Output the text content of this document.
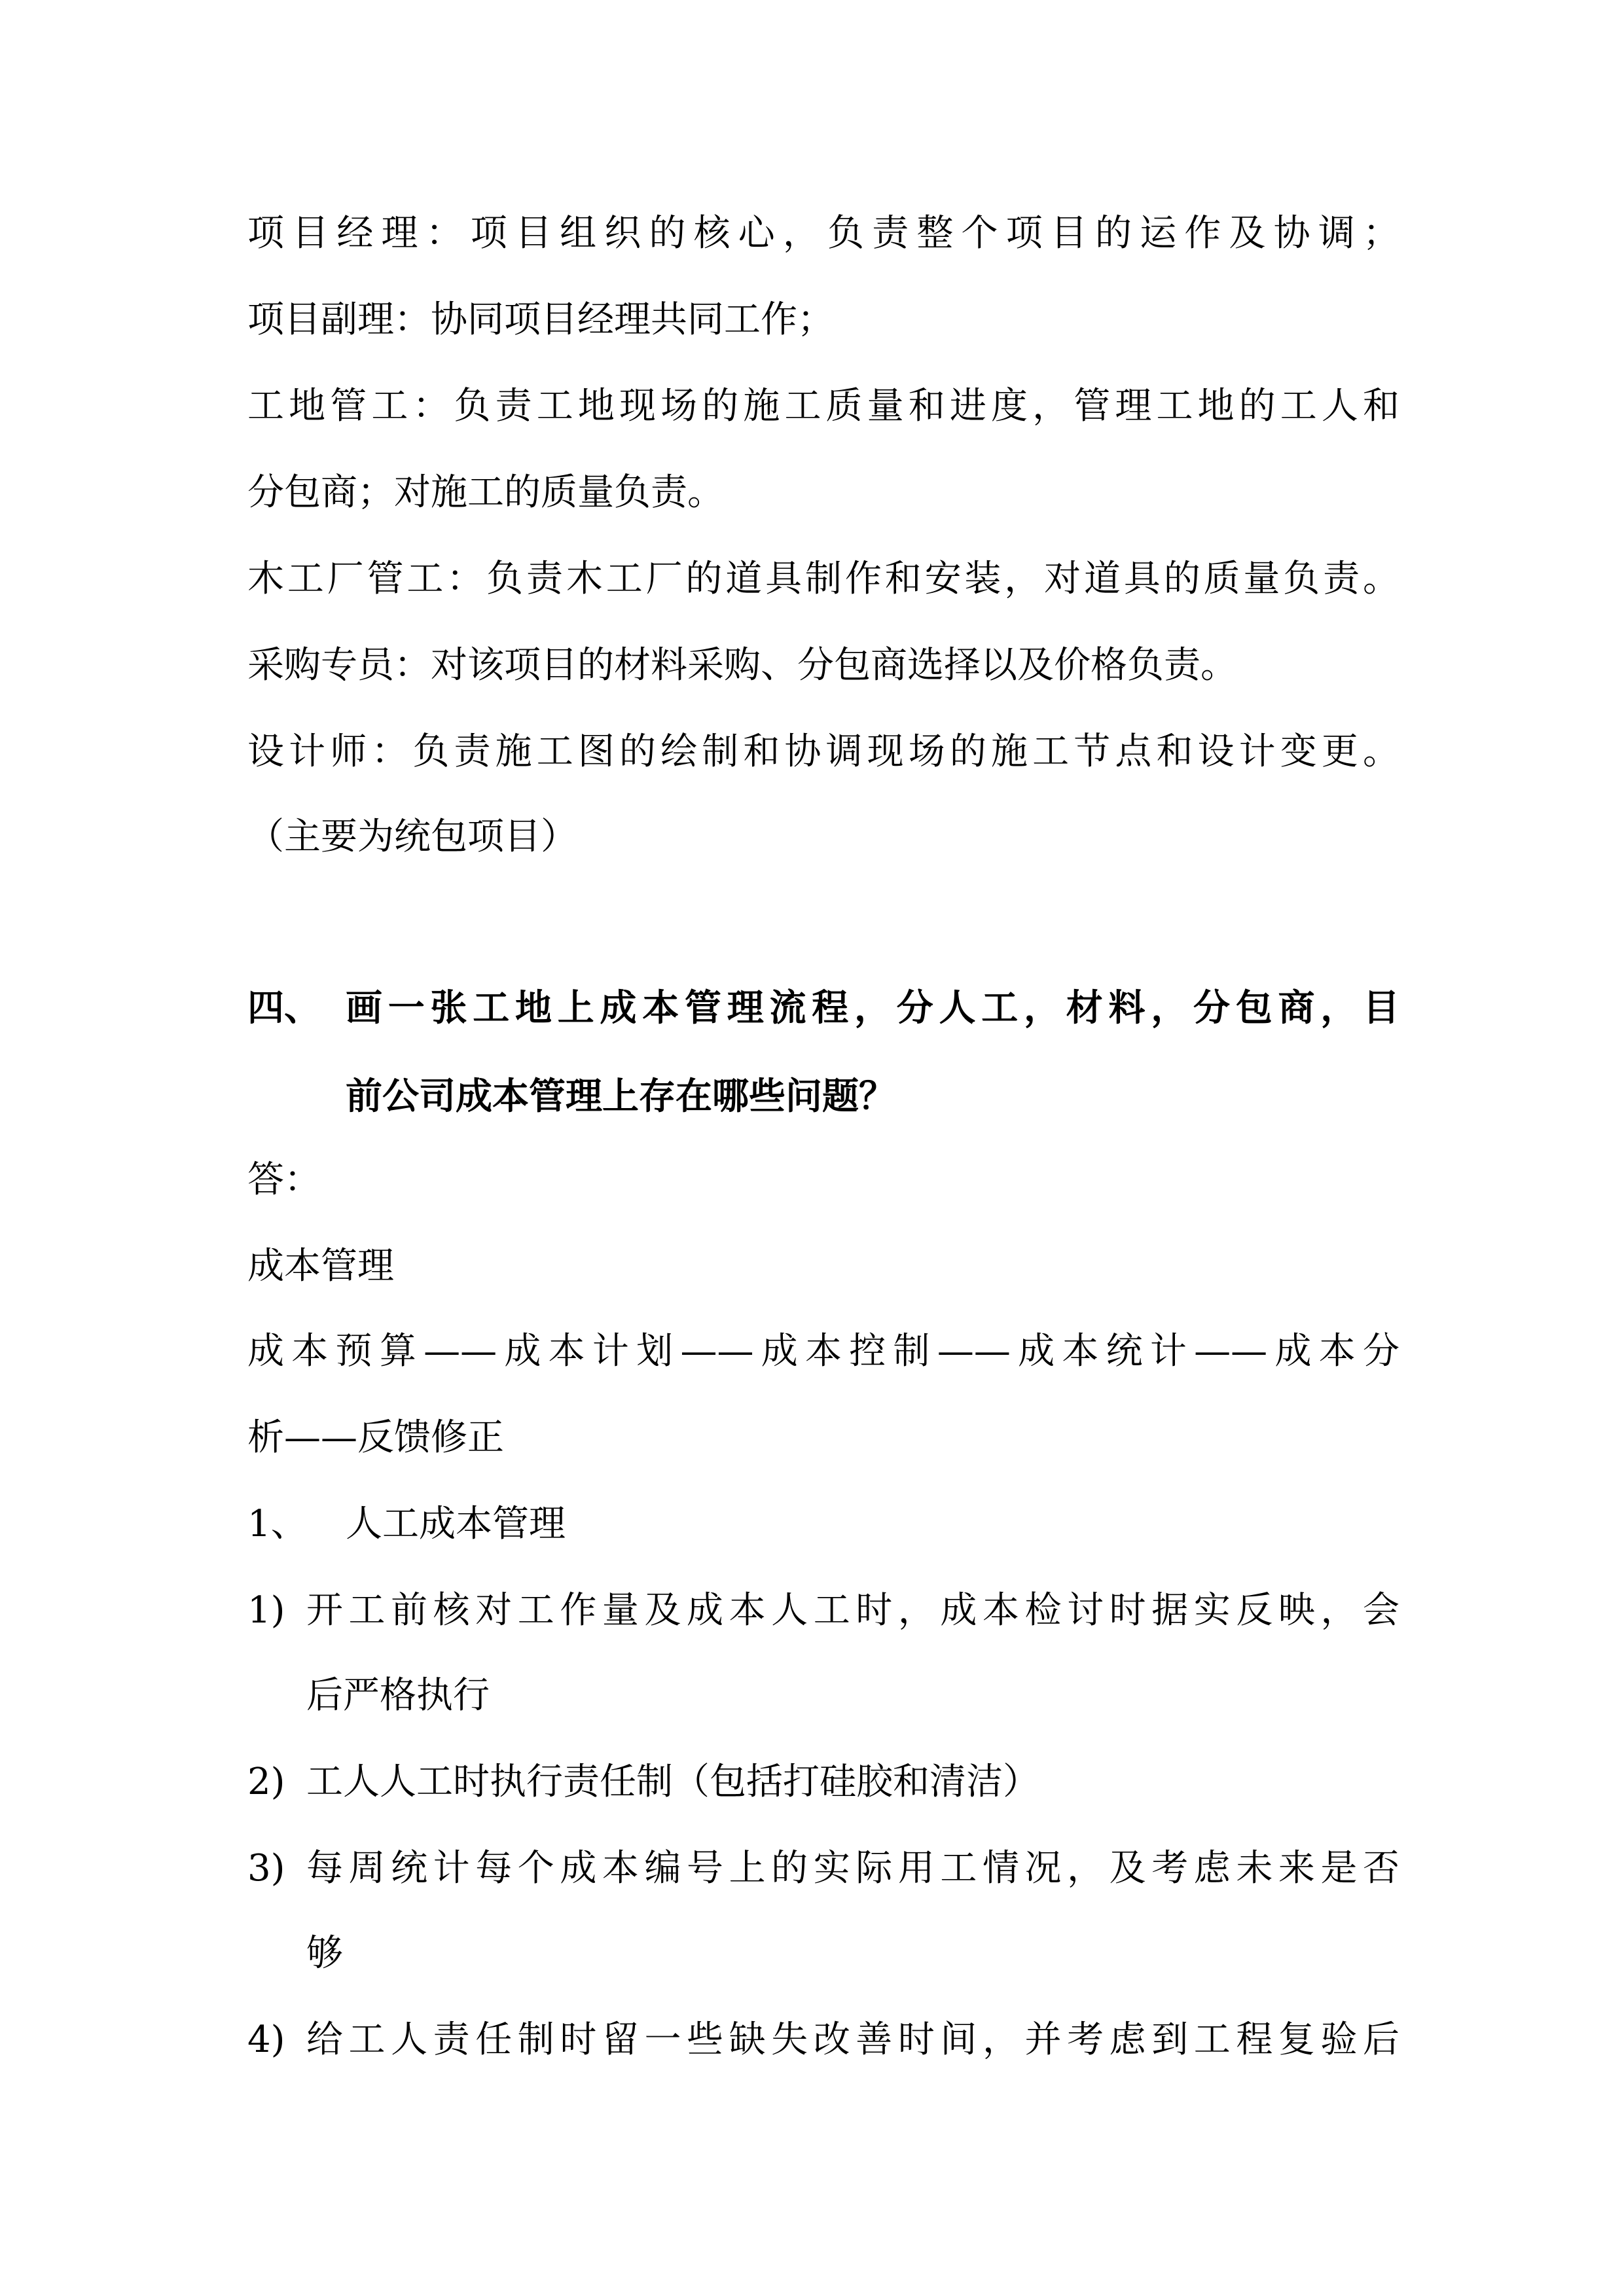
项目经理：项目组织的核心，负责整个项目的运作及协调；
项目副理：协同项目经理共同工作；
工地管工：负责工地现场的施工质量和进度，管理工地的工人和
分包商；对施工的质量负责。
木工厂管工：负责木工厂的道具制作和安装，对道具的质量负责。
采购专员：对该项目的材料采购、分包商选择以及价格负责。
设计师：负责施工图的绘制和协调现场的施工节点和设计变更。
（主要为统包项目）
四、 画一张工地上成本管理流程，分人工，材料，分包商，目
前公司成本管理上存在哪些问题？
答：
成本管理
成本预算——成本计划——成本控制——成本统计——成本分
析——反馈修正
1、	人工成本管理
1) 开工前核对工作量及成本人工时，成本检讨时据实反映，会
后严格执行
2) 工人人工时执行责任制（包括打硅胶和清洁）
3) 每周统计每个成本编号上的实际用工情况，及考虑未来是否
够
4) 给工人责任制时留一些缺失改善时间，并考虑到工程复验后
